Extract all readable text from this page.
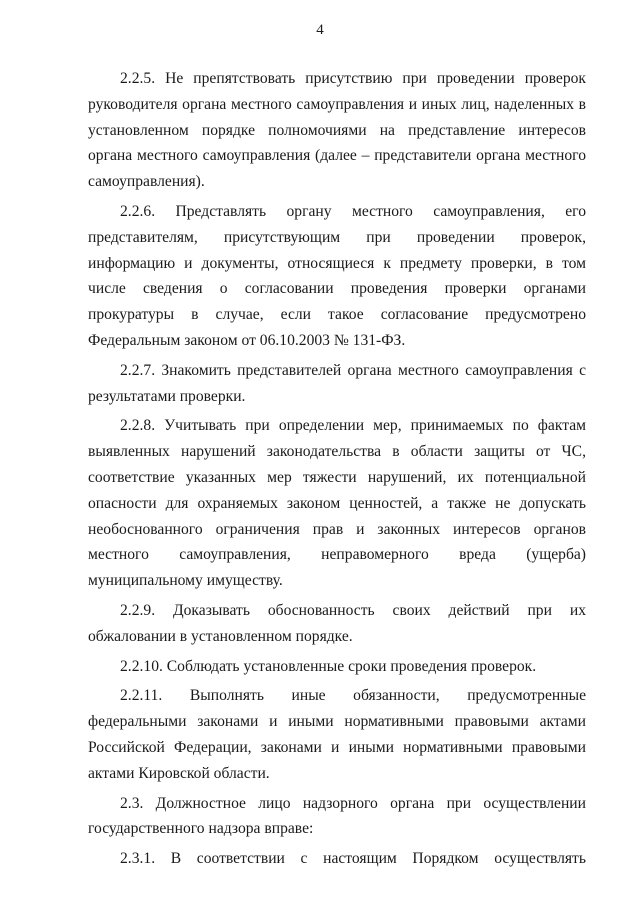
4

2.2.5. Не препятствовать присутствию при проведении проверок руководителя органа местного самоуправления и иных лиц, наделенных в установленном порядке полномочиями на представление интересов органа местного самоуправления (далее – представители органа местного самоуправления).

2.2.6. Представлять органу местного самоуправления, его представителям, присутствующим при проведении проверок, информацию и документы, относящиеся к предмету проверки, в том числе сведения о согласовании проведения проверки органами прокуратуры в случае, если такое согласование предусмотрено Федеральным законом от 06.10.2003 № 131-ФЗ.

2.2.7. Знакомить представителей органа местного самоуправления с результатами проверки.

2.2.8. Учитывать при определении мер, принимаемых по фактам выявленных нарушений законодательства в области защиты от ЧС, соответствие указанных мер тяжести нарушений, их потенциальной опасности для охраняемых законом ценностей, а также не допускать необоснованного ограничения прав и законных интересов органов местного самоуправления, неправомерного вреда (ущерба) муниципальному имуществу.

2.2.9. Доказывать обоснованность своих действий при их обжаловании в установленном порядке.

2.2.10. Соблюдать установленные сроки проведения проверок.

2.2.11. Выполнять иные обязанности, предусмотренные федеральными законами и иными нормативными правовыми актами Российской Федерации, законами и иными нормативными правовыми актами Кировской области.

2.3. Должностное лицо надзорного органа при осуществлении государственного надзора вправе:

2.3.1. В соответствии с настоящим Порядком осуществлять
